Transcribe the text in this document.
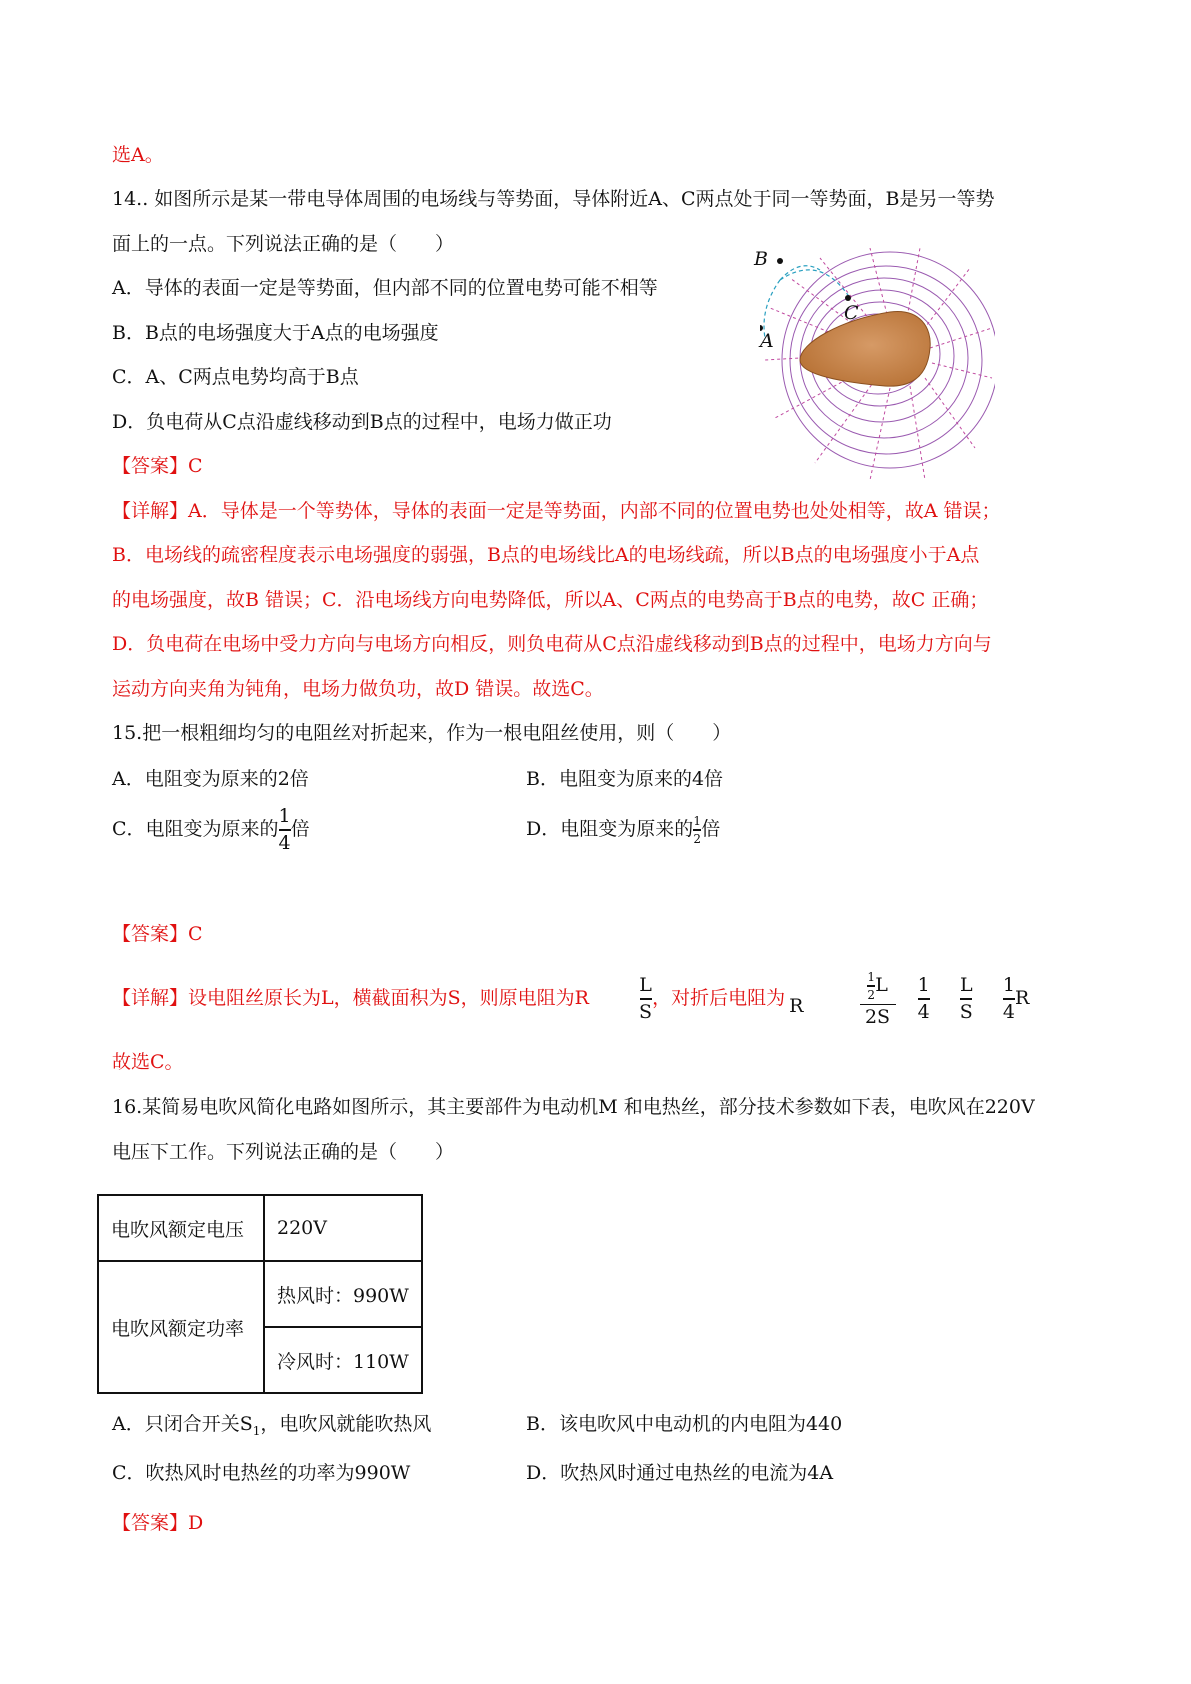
选A。
14.. 如图所示是某一带电导体周围的电场线与等势面，导体附近A、C两点处于同一等势面，B是另一等势
面上的一点。下列说法正确的是（　　）
A．导体的表面一定是等势面，但内部不同的位置电势可能不相等
B．B点的电场强度大于A点的电场强度
C．A、C两点电势均高于B点
D．负电荷从C点沿虚线移动到B点的过程中，电场力做正功
B
C
A
【答案】C
【详解】A．导体是一个等势体，导体的表面一定是等势面，内部不同的位置电势也处处相等，故A 错误；
B．电场线的疏密程度表示电场强度的弱强，B点的电场线比A的电场线疏，所以B点的电场强度小于A点
的电场强度，故B 错误；C．沿电场线方向电势降低，所以A、C两点的电势高于B点的电势，故C 正确；
D．负电荷在电场中受力方向与电场方向相反，则负电荷从C点沿虚线移动到B点的过程中，电场力方向与
运动方向夹角为钝角，电场力做负功，故D 错误。故选C。
15.把一根粗细均匀的电阻丝对折起来，作为一根电阻丝使用，则（　　）
A．电阻变为原来的2倍	B．电阻变为原来的4倍
C．电阻变为原来的 $\frac{1}{4}$ 倍	D．电阻变为原来的 $\frac{1}{2}$ 倍
【答案】C
【详解】设电阻丝原长为L，横截面积为S，则原电阻为R	$\frac{L}{S}$ ，对折后电阻为 R	$\frac{\frac{1}{2} L}{2S}$
$\frac{1}{4}$
$\frac{L}{S}$
$\frac{1}{4}$ R
故选C。
16.某简易电吹风简化电路如图所示，其主要部件为电动机M 和电热丝，部分技术参数如下表，电吹风在220V
电压下工作。下列说法正确的是（　　）
电吹风额定电压	220V
电吹风额定功率	热风时：990W
	冷风时：110W
A．只闭合开关$S_1$，电吹风就能吹热风	B．该电吹风中电动机的内电阻为440
C．吹热风时电热丝的功率为990W	D．吹热风时通过电热丝的电流为4A
【答案】D
